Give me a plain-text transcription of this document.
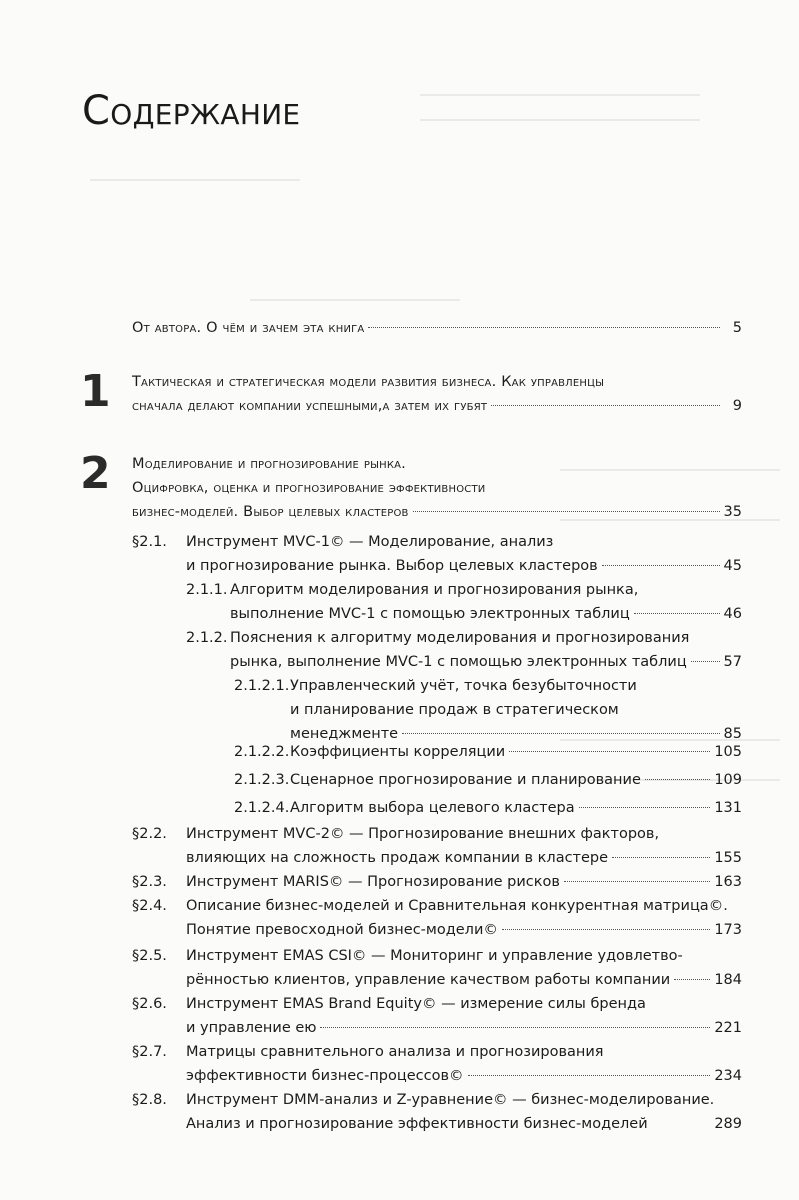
Содержание
От автора. О чём и зачем эта книга	5
1 Тактическая и стратегическая модели развития бизнеса. Как управленцы
сначала делают компании успешными,а затем их губят	9
2 Моделирование и прогнозирование рынка.
Оцифровка, оценка и прогнозирование эффективности
бизнес-моделей. Выбор целевых кластеров	35
§2.1. Инструмент MVC-1© — Моделирование, анализ
и прогнозирование рынка. Выбор целевых кластеров	45
2.1.1. Алгоритм моделирования и прогнозирования рынка,
выполнение MVC-1 с помощью электронных таблиц	46
2.1.2. Пояснения к алгоритму моделирования и прогнозирования
рынка, выполнение MVC-1 с помощью электронных таблиц	57
2.1.2.1. Управленческий учёт, точка безубыточности
и планирование продаж в стратегическом
менеджменте	85
2.1.2.2. Коэффициенты корреляции	105
2.1.2.3. Сценарное прогнозирование и планирование	109
2.1.2.4. Алгоритм выбора целевого кластера	131
§2.2. Инструмент MVC-2© — Прогнозирование внешних факторов,
влияющих на сложность продаж компании в кластере	155
§2.3. Инструмент MARIS© — Прогнозирование рисков	163
§2.4. Описание бизнес-моделей и Сравнительная конкурентная матрица©.
Понятие превосходной бизнес-модели©	173
§2.5. Инструмент EMAS CSI© — Мониторинг и управление удовлетво-
рённостью клиентов, управление качеством работы компании	184
§2.6. Инструмент EMAS Brand Equity© — измерение силы бренда
и управление ею	221
§2.7. Матрицы сравнительного анализа и прогнозирования
эффективности бизнес-процессов©	234
§2.8. Инструмент DMM-анализ и Z-уравнение© — бизнес-моделирование.
Анализ и прогнозирование эффективности бизнес-моделей	289
